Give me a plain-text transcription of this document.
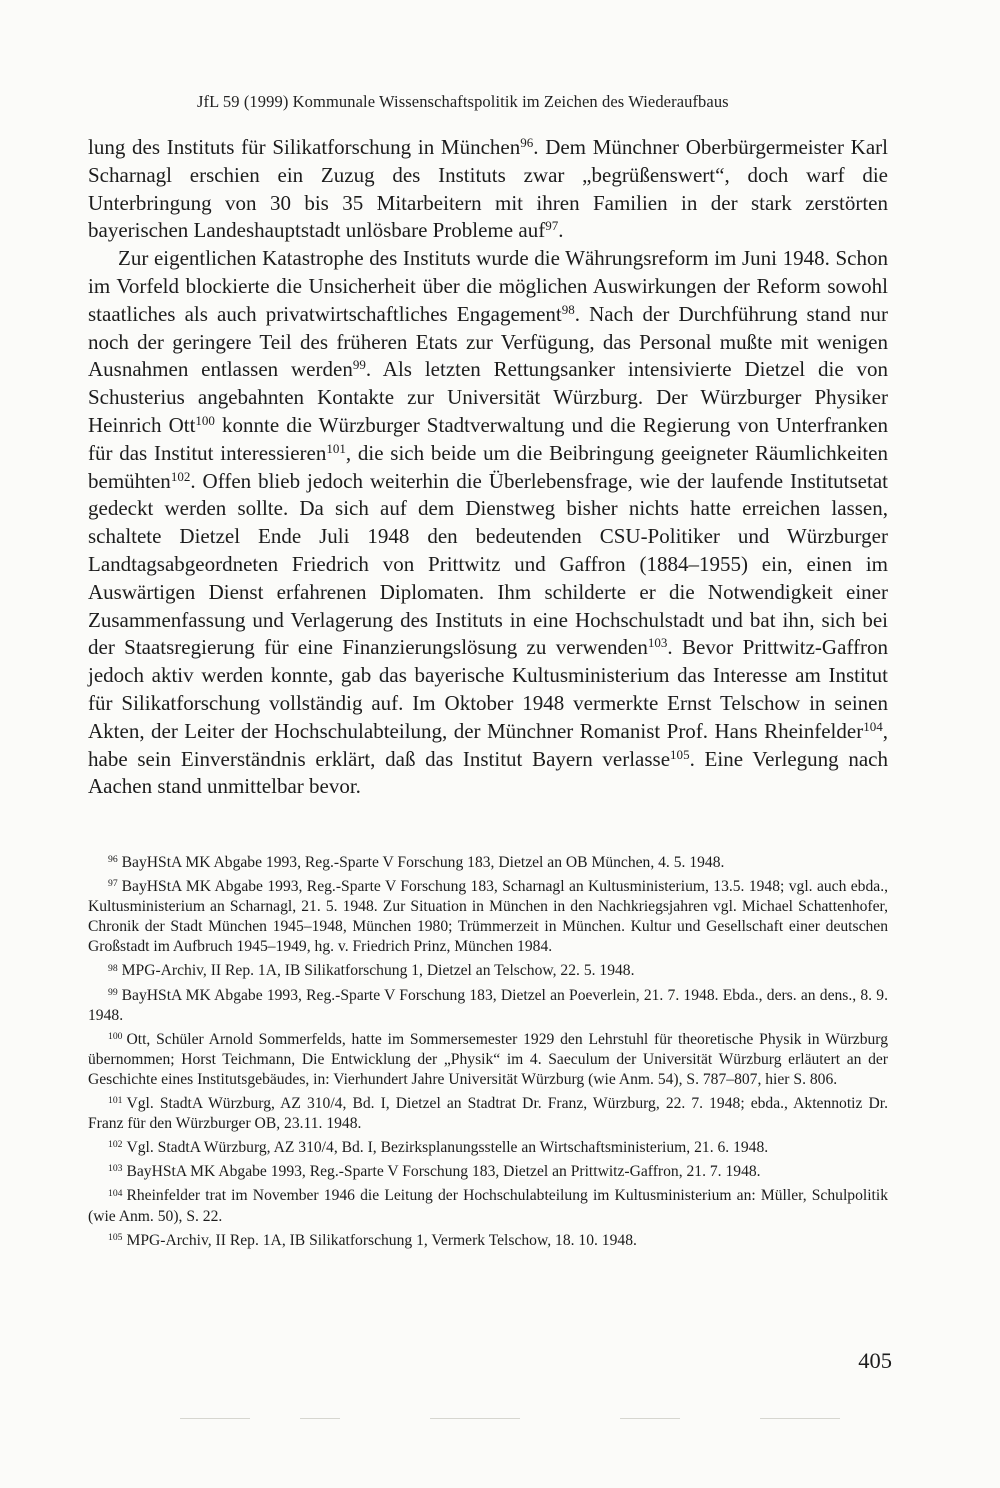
JfL 59 (1999) Kommunale Wissenschaftspolitik im Zeichen des Wiederaufbaus

lung des Instituts für Silikatforschung in München$^{96}$. Dem Münchner Oberbürgermeister Karl Scharnagl erschien ein Zuzug des Instituts zwar „begrüßenswert“, doch warf die Unterbringung von 30 bis 35 Mitarbeitern mit ihren Familien in der stark zerstörten bayerischen Landeshauptstadt unlösbare Probleme auf$^{97}$.

Zur eigentlichen Katastrophe des Instituts wurde die Währungsreform im Juni 1948. Schon im Vorfeld blockierte die Unsicherheit über die möglichen Auswirkungen der Reform sowohl staatliches als auch privatwirtschaftliches Engagement$^{98}$. Nach der Durchführung stand nur noch der geringere Teil des früheren Etats zur Verfügung, das Personal mußte mit wenigen Ausnahmen entlassen werden$^{99}$. Als letzten Rettungsanker intensivierte Dietzel die von Schusterius angebahnten Kontakte zur Universität Würzburg. Der Würzburger Physiker Heinrich Ott$^{100}$ konnte die Würzburger Stadtverwaltung und die Regierung von Unterfranken für das Institut interessieren$^{101}$, die sich beide um die Beibringung geeigneter Räumlichkeiten bemühten$^{102}$. Offen blieb jedoch weiterhin die Überlebensfrage, wie der laufende Institutsetat gedeckt werden sollte. Da sich auf dem Dienstweg bisher nichts hatte erreichen lassen, schaltete Dietzel Ende Juli 1948 den bedeutenden CSU-Politiker und Würzburger Landtagsabgeordneten Friedrich von Prittwitz und Gaffron (1884–1955) ein, einen im Auswärtigen Dienst erfahrenen Diplomaten. Ihm schilderte er die Notwendigkeit einer Zusammenfassung und Verlagerung des Instituts in eine Hochschulstadt und bat ihn, sich bei der Staatsregierung für eine Finanzierungslösung zu verwenden$^{103}$. Bevor Prittwitz-Gaffron jedoch aktiv werden konnte, gab das bayerische Kultusministerium das Interesse am Institut für Silikatforschung vollständig auf. Im Oktober 1948 vermerkte Ernst Telschow in seinen Akten, der Leiter der Hochschulabteilung, der Münchner Romanist Prof. Hans Rheinfelder$^{104}$, habe sein Einverständnis erklärt, daß das Institut Bayern verlasse$^{105}$. Eine Verlegung nach Aachen stand unmittelbar bevor.

$^{96}$ BayHStA MK Abgabe 1993, Reg.-Sparte V Forschung 183, Dietzel an OB München, 4. 5. 1948.
$^{97}$ BayHStA MK Abgabe 1993, Reg.-Sparte V Forschung 183, Scharnagl an Kultusministerium, 13.5. 1948; vgl. auch ebda., Kultusministerium an Scharnagl, 21. 5. 1948. Zur Situation in München in den Nachkriegsjahren vgl. Michael Schattenhofer, Chronik der Stadt München 1945–1948, München 1980; Trümmerzeit in München. Kultur und Gesellschaft einer deutschen Großstadt im Aufbruch 1945–1949, hg. v. Friedrich Prinz, München 1984.
$^{98}$ MPG-Archiv, II Rep. 1A, IB Silikatforschung 1, Dietzel an Telschow, 22. 5. 1948.
$^{99}$ BayHStA MK Abgabe 1993, Reg.-Sparte V Forschung 183, Dietzel an Poeverlein, 21. 7. 1948. Ebda., ders. an dens., 8. 9. 1948.
$^{100}$ Ott, Schüler Arnold Sommerfelds, hatte im Sommersemester 1929 den Lehrstuhl für theoretische Physik in Würzburg übernommen; Horst Teichmann, Die Entwicklung der „Physik“ im 4. Saeculum der Universität Würzburg erläutert an der Geschichte eines Institutsgebäudes, in: Vierhundert Jahre Universität Würzburg (wie Anm. 54), S. 787–807, hier S. 806.
$^{101}$ Vgl. StadtA Würzburg, AZ 310/4, Bd. I, Dietzel an Stadtrat Dr. Franz, Würzburg, 22. 7. 1948; ebda., Aktennotiz Dr. Franz für den Würzburger OB, 23.11. 1948.
$^{102}$ Vgl. StadtA Würzburg, AZ 310/4, Bd. I, Bezirksplanungsstelle an Wirtschaftsministerium, 21. 6. 1948.
$^{103}$ BayHStA MK Abgabe 1993, Reg.-Sparte V Forschung 183, Dietzel an Prittwitz-Gaffron, 21. 7. 1948.
$^{104}$ Rheinfelder trat im November 1946 die Leitung der Hochschulabteilung im Kultusministerium an: Müller, Schulpolitik (wie Anm. 50), S. 22.
$^{105}$ MPG-Archiv, II Rep. 1A, IB Silikatforschung 1, Vermerk Telschow, 18. 10. 1948.
405
